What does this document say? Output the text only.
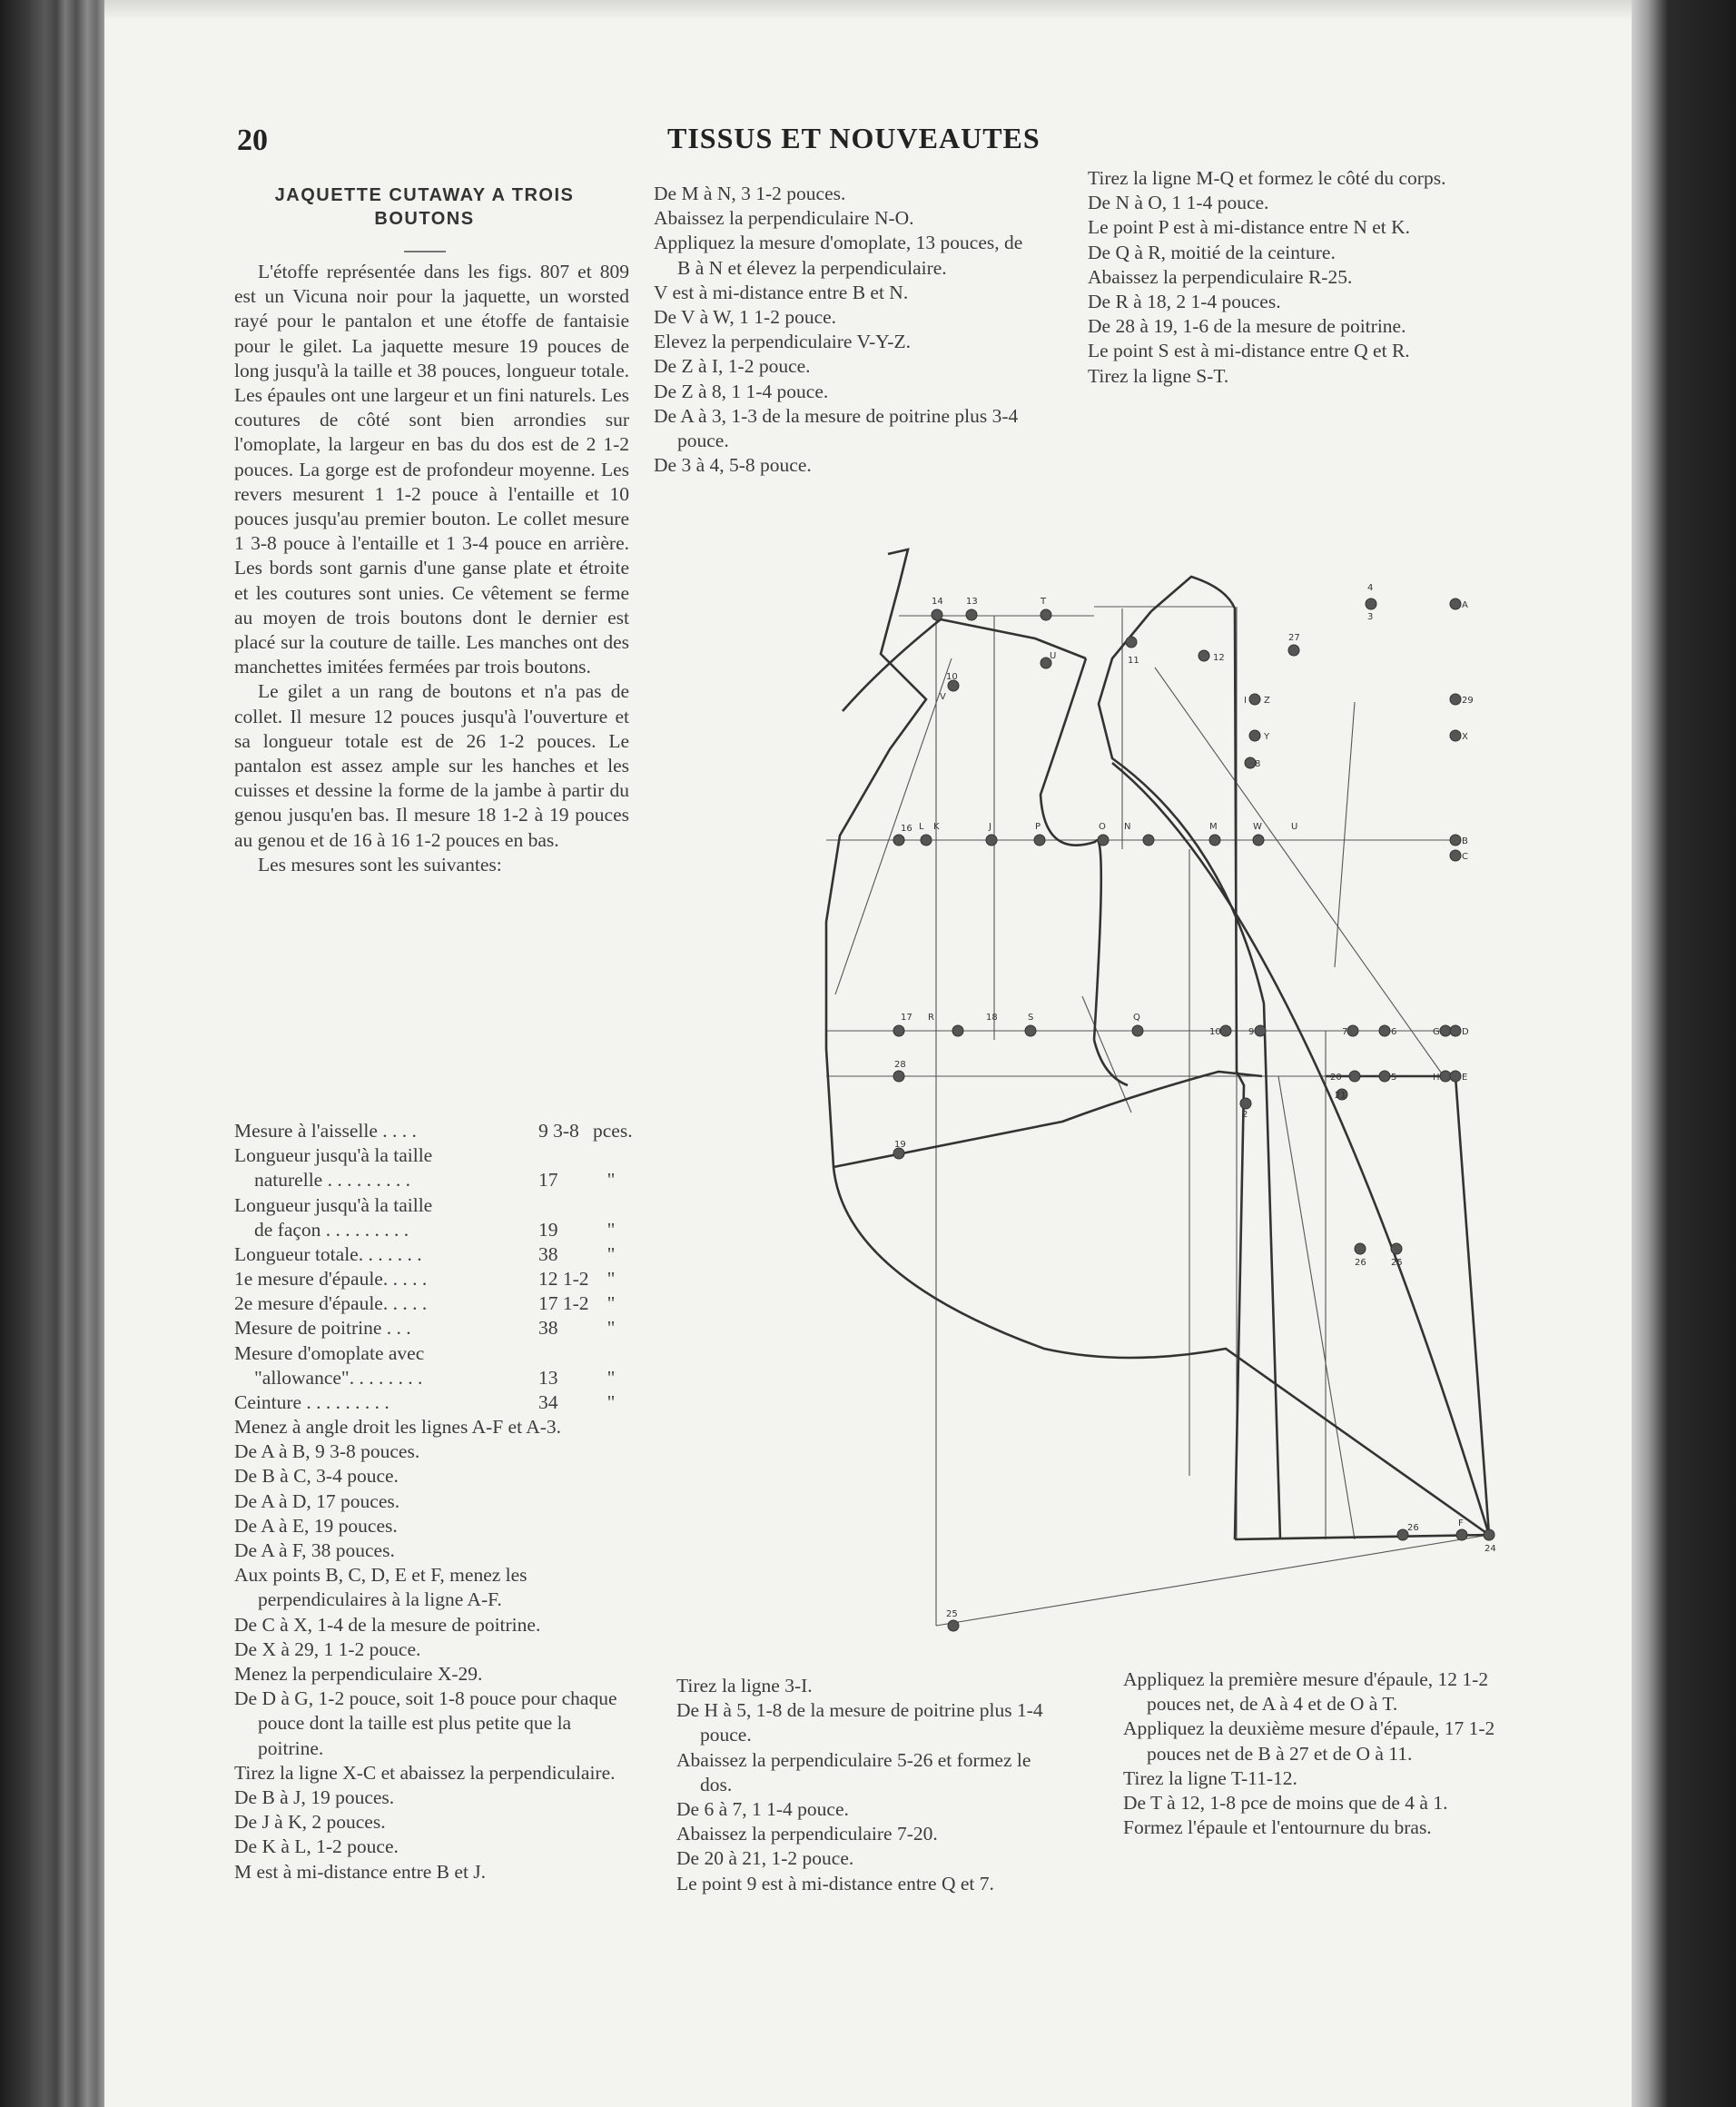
20	TISSUS ET NOUVEAUTES
JAQUETTE CUTAWAY A TROIS BOUTONS

L'étoffe représentée dans les figs. 807 et 809 est un Vicuna noir pour la jaquette, un worsted rayé pour le pantalon et une étoffe de fantaisie pour le gilet. La jaquette mesure 19 pouces de long jusqu'à la taille et 38 pouces, longueur totale. Les épaules ont une largeur et un fini naturels. Les coutures de côté sont bien arrondies sur l'omoplate, la largeur en bas du dos est de 2 1-2 pouces. La gorge est de profondeur moyenne. Les revers mesurent 1 1-2 pouce à l'entaille et 10 pouces jusqu'au premier bouton. Le collet mesure 1 3-8 pouce à l'entaille et 1 3-4 pouce en arrière. Les bords sont garnis d'une ganse plate et étroite et les coutures sont unies. Ce vêtement se ferme au moyen de trois boutons dont le dernier est placé sur la couture de taille. Les manches ont des manchettes imitées fermées par trois boutons.

Le gilet a un rang de boutons et n'a pas de collet. Il mesure 12 pouces jusqu'à l'ouverture et sa longueur totale est de 26 1-2 pouces. Le pantalon est assez ample sur les hanches et les cuisses et dessine la forme de la jambe à partir du genou jusqu'en bas. Il mesure 18 1-2 à 19 pouces au genou et de 16 à 16 1-2 pouces en bas.

Les mesures sont les suivantes:

Mesure à l'aisselle . . . .	9 3-8 pces.
Longueur jusqu'à la taille
naturelle . . . . . . . . .	17	"
Longueur jusqu'à la taille
de façon . . . . . . . . .	19	"
Longueur totale. . . . . . .	38	"
1e mesure d'épaule. . . . .	12 1-2 "
2e mesure d'épaule. . . . .	17 1-2 "
Mesure de poitrine . . .	38	"
Mesure d'omoplate avec
"allowance". . . . . . . .	13	"
Ceinture . . . . . . . . .	34	"

Menez à angle droit les lignes A-F et A-3.

De A à B, 9 3-8 pouces.

De B à C, 3-4 pouce.

De A à D, 17 pouces.

De A à E, 19 pouces.

De A à F, 38 pouces.

Aux points B, C, D, E et F, menez les perpendiculaires à la ligne A-F.

De C à X, 1-4 de la mesure de poitrine.

De X à 29, 1 1-2 pouce.

Menez la perpendiculaire X-29.

De D à G, 1-2 pouce, soit 1-8 pouce pour chaque pouce dont la taille est plus petite que la poitrine.

Tirez la ligne X-C et abaissez la perpendiculaire.

De B à J, 19 pouces.

De J à K, 2 pouces.

De K à L, 1-2 pouce.

M est à mi-distance entre B et J.

De M à N, 3 1-2 pouces.

Abaissez la perpendiculaire N-O.

Appliquez la mesure d'omoplate, 13 pouces, de B à N et élevez la perpendiculaire.

V est à mi-distance entre B et N.

De V à W, 1 1-2 pouce.

Elevez la perpendiculaire V-Y-Z.

De Z à I, 1-2 pouce.

De Z à 8, 1 1-4 pouce.

De A à 3, 1-3 de la mesure de poitrine plus 3-4 pouce.

De 3 à 4, 5-8 pouce.

Tirez la ligne M-Q et formez le côté du corps.

De N à O, 1 1-4 pouce.

Le point P est à mi-distance entre N et K.

De Q à R, moitié de la ceinture.

Abaissez la perpendiculaire R-25.

De R à 18, 2 1-4 pouces.

De 28 à 19, 1-6 de la mesure de poitrine.

Le point S est à mi-distance entre Q et R.

Tirez la ligne S-T.

Tirez la ligne 3-I.

De H à 5, 1-8 de la mesure de poitrine plus 1-4 pouce.

Abaissez la perpendiculaire 5-26 et formez le dos.

De 6 à 7, 1 1-4 pouce.

Abaissez la perpendiculaire 7-20.

De 20 à 21, 1-2 pouce.

Le point 9 est à mi-distance entre Q et 7.

Appliquez la première mesure d'épaule, 12 1-2 pouces net, de A à 4 et de O à T.

Appliquez la deuxième mesure d'épaule, 17 1-2 pouces net de B à 27 et de O à 11.

Tirez la ligne T-11-12.

De T à 12, 1-8 pce de moins que de 4 à 1.

Formez l'épaule et l'entournure du bras.

14	13	T
11	12
10
V
U
4
3
A
27
I Z	29
Y	X
8
16 L K	J	P	O N	M	W	U
B
C
17 R	18	S	Q
10	9	7	6	G D
28
20	5	H E
21
2
19
26	25
26	F
24
25
